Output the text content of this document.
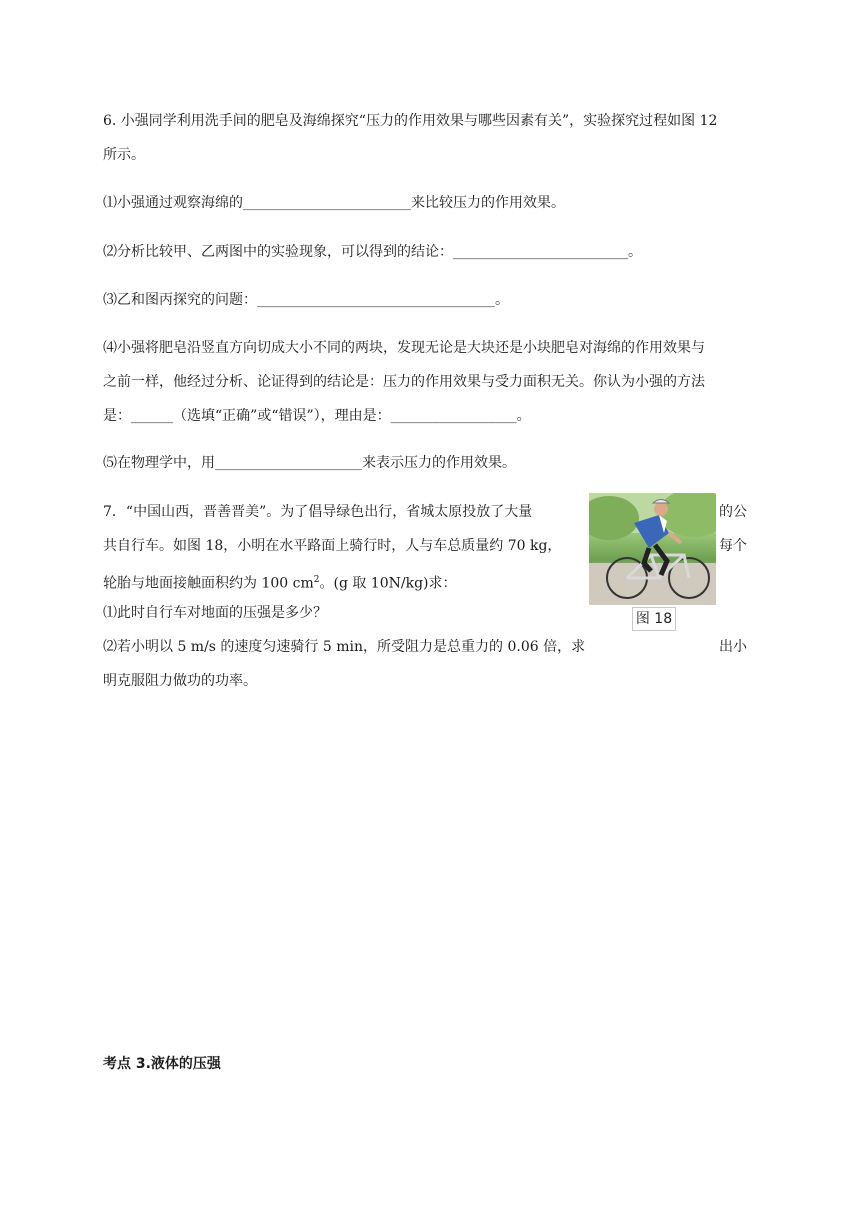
6. 小强同学利用洗手间的肥皂及海绵探究“压力的作用效果与哪些因素有关”，实验探究过程如图 12
所示。
⑴小强通过观察海绵的________________________来比较压力的作用效果。
⑵分析比较甲、乙两图中的实验现象，可以得到的结论：_________________________。
⑶乙和图丙探究的问题：__________________________________。
⑷小强将肥皂沿竖直方向切成大小不同的两块，发现无论是大块还是小块肥皂对海绵的作用效果与
之前一样，他经过分析、论证得到的结论是：压力的作用效果与受力面积无关。你认为小强的方法
是：______（选填“正确”或“错误”），理由是：__________________。
⑸在物理学中，用_____________________来表示压力的作用效果。
7．“中国山西，晋善晋美”。为了倡导绿色出行，省城太原投放了大量	的公
共自行车。如图 18，小明在水平路面上骑行时，人与车总质量约 70 kg，	每个
轮胎与地面接触面积约为 100 $cm^2$。(g 取 10N/kg)求：
⑴此时自行车对地面的压强是多少？
⑵若小明以 5 m/s 的速度匀速骑行 5 min，所受阻力是总重力的 0.06 倍，求	出小
明克服阻力做功的功率。
图 18
考点 3.液体的压强
